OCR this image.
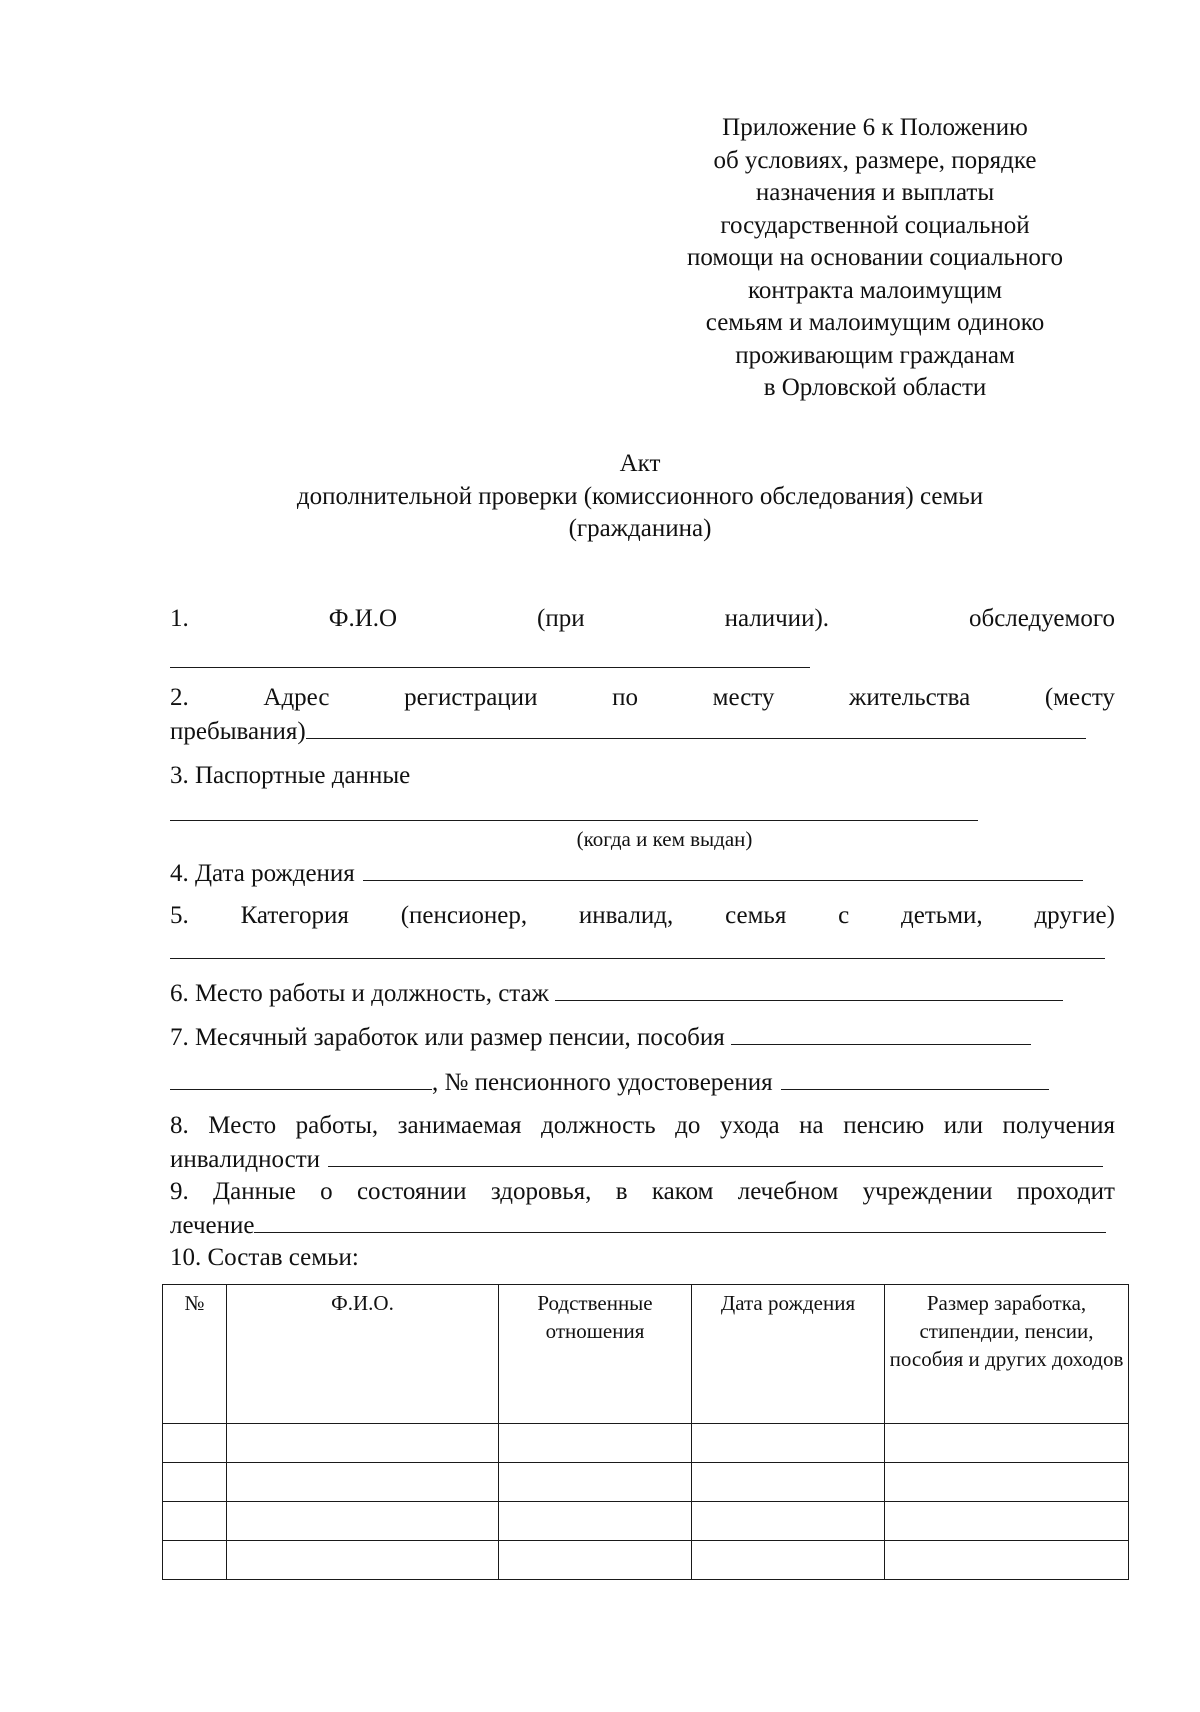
Приложение 6 к Положению
об условиях, размере, порядке
назначения и выплаты
государственной социальной
помощи на основании социального
контракта малоимущим
семьям и малоимущим одиноко
проживающим гражданам
в Орловской области
Акт
дополнительной проверки (комиссионного обследования) семьи
(гражданина)
1.	Ф.И.О	(при	наличии).	обследуемого
2.	Адрес	регистрации	по	месту	жительства	(месту
пребывания)
3. Паспортные данные
(когда и кем выдан)
4. Дата рождения
5. Категория (пенсионер, инвалид, семья с детьми, другие)
6. Место работы и должность, стаж
7. Месячный заработок или размер пенсии, пособия
, № пенсионного удостоверения
8. Место работы, занимаемая должность до ухода на пенсию или получения
инвалидности
9. Данные о состоянии здоровья, в каком лечебном учреждении проходит
лечение
10. Состав семьи:
№	Ф.И.О.	Родственные отношения	Дата рождения	Размер заработка, стипендии, пенсии, пособия и других доходов
